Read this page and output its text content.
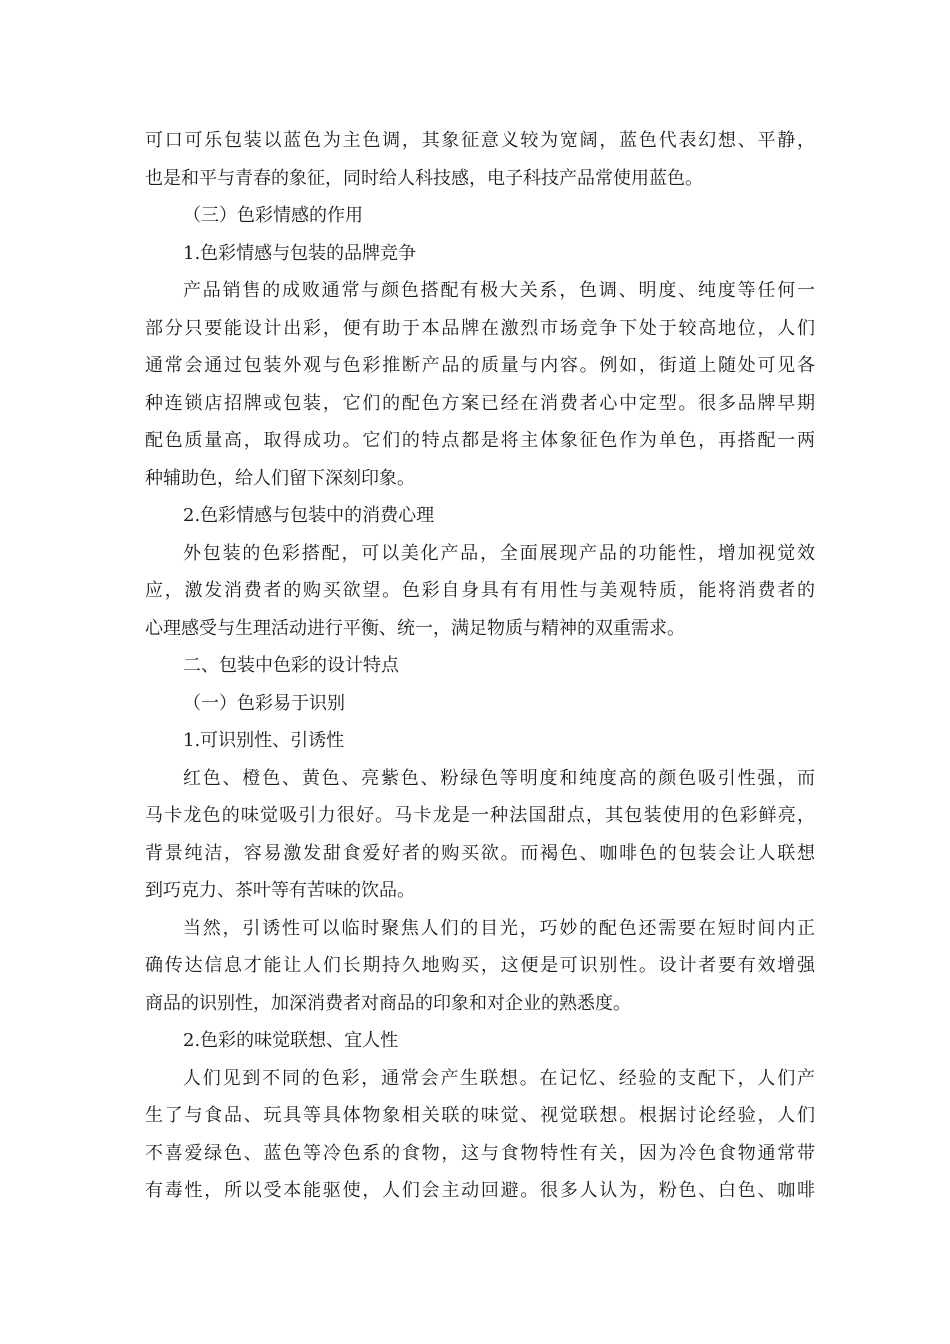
可口可乐包装以蓝色为主色调，其象征意义较为宽阔，蓝色代表幻想、平静，
也是和平与青春的象征，同时给人科技感，电子科技产品常使用蓝色。
（三）色彩情感的作用
1.色彩情感与包装的品牌竞争
产品销售的成败通常与颜色搭配有极大关系，色调、明度、纯度等任何一
部分只要能设计出彩，便有助于本品牌在激烈市场竞争下处于较高地位，人们
通常会通过包装外观与色彩推断产品的质量与内容。例如，街道上随处可见各
种连锁店招牌或包装，它们的配色方案已经在消费者心中定型。很多品牌早期
配色质量高，取得成功。它们的特点都是将主体象征色作为单色，再搭配一两
种辅助色，给人们留下深刻印象。
2.色彩情感与包装中的消费心理
外包装的色彩搭配，可以美化产品，全面展现产品的功能性，增加视觉效
应，激发消费者的购买欲望。色彩自身具有有用性与美观特质，能将消费者的
心理感受与生理活动进行平衡、统一，满足物质与精神的双重需求。
二、包装中色彩的设计特点
（一）色彩易于识别
1.可识别性、引诱性
红色、橙色、黄色、亮紫色、粉绿色等明度和纯度高的颜色吸引性强，而
马卡龙色的味觉吸引力很好。马卡龙是一种法国甜点，其包装使用的色彩鲜亮，
背景纯洁，容易激发甜食爱好者的购买欲。而褐色、咖啡色的包装会让人联想
到巧克力、茶叶等有苦味的饮品。
当然，引诱性可以临时聚焦人们的目光，巧妙的配色还需要在短时间内正
确传达信息才能让人们长期持久地购买，这便是可识别性。设计者要有效增强
商品的识别性，加深消费者对商品的印象和对企业的熟悉度。
2.色彩的味觉联想、宜人性
人们见到不同的色彩，通常会产生联想。在记忆、经验的支配下，人们产
生了与食品、玩具等具体物象相关联的味觉、视觉联想。根据讨论经验，人们
不喜爱绿色、蓝色等冷色系的食物，这与食物特性有关，因为冷色食物通常带
有毒性，所以受本能驱使，人们会主动回避。很多人认为，粉色、白色、咖啡
